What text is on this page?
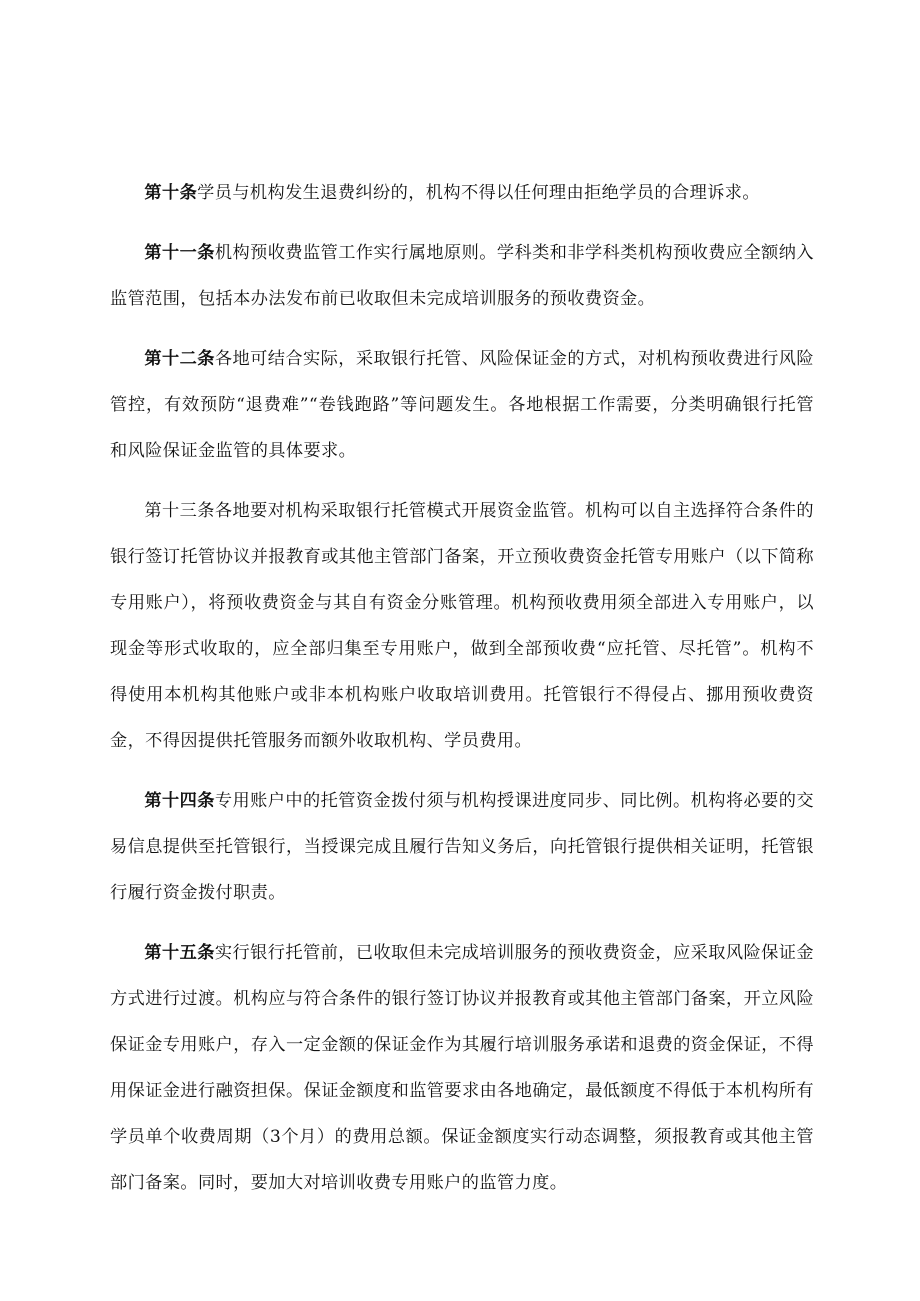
第十条学员与机构发生退费纠纷的，机构不得以任何理由拒绝学员的合理诉求。

第十一条机构预收费监管工作实行属地原则。学科类和非学科类机构预收费应全额纳入监管范围，包括本办法发布前已收取但未完成培训服务的预收费资金。

第十二条各地可结合实际，采取银行托管、风险保证金的方式，对机构预收费进行风险管控，有效预防“退费难”“卷钱跑路”等问题发生。各地根据工作需要，分类明确银行托管和风险保证金监管的具体要求。

第十三条各地要对机构采取银行托管模式开展资金监管。机构可以自主选择符合条件的银行签订托管协议并报教育或其他主管部门备案，开立预收费资金托管专用账户（以下简称专用账户），将预收费资金与其自有资金分账管理。机构预收费用须全部进入专用账户，以现金等形式收取的，应全部归集至专用账户，做到全部预收费“应托管、尽托管”。机构不得使用本机构其他账户或非本机构账户收取培训费用。托管银行不得侵占、挪用预收费资金，不得因提供托管服务而额外收取机构、学员费用。

第十四条专用账户中的托管资金拨付须与机构授课进度同步、同比例。机构将必要的交易信息提供至托管银行，当授课完成且履行告知义务后，向托管银行提供相关证明，托管银行履行资金拨付职责。

第十五条实行银行托管前，已收取但未完成培训服务的预收费资金，应采取风险保证金方式进行过渡。机构应与符合条件的银行签订协议并报教育或其他主管部门备案，开立风险保证金专用账户，存入一定金额的保证金作为其履行培训服务承诺和退费的资金保证，不得用保证金进行融资担保。保证金额度和监管要求由各地确定，最低额度不得低于本机构所有学员单个收费周期（3个月）的费用总额。保证金额度实行动态调整，须报教育或其他主管部门备案。同时，要加大对培训收费专用账户的监管力度。
